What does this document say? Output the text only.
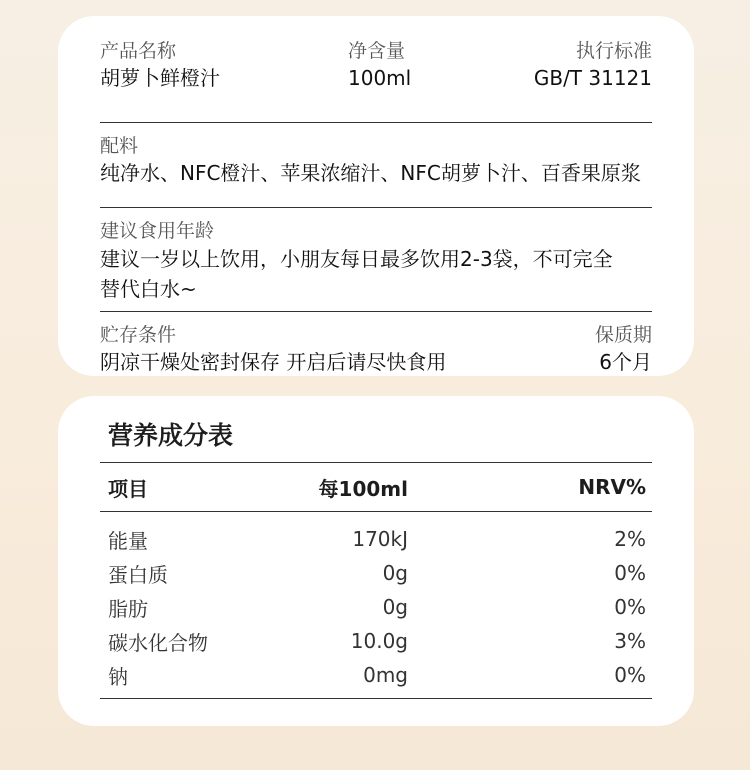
产品名称
胡萝卜鲜橙汁
净含量
100ml
执行标准
GB/T 31121
配料
纯净水、NFC橙汁、苹果浓缩汁、NFC胡萝卜汁、百香果原浆
建议食用年龄
建议一岁以上饮用，小朋友每日最多饮用2-3袋，不可完全
替代白水~
贮存条件
阴凉干燥处密封保存 开启后请尽快食用
保质期
6个月
营养成分表
项目	每100ml	NRV%
能量	170kJ	2%
蛋白质	0g	0%
脂肪	0g	0%
碳水化合物	10.0g	3%
钠	0mg	0%
